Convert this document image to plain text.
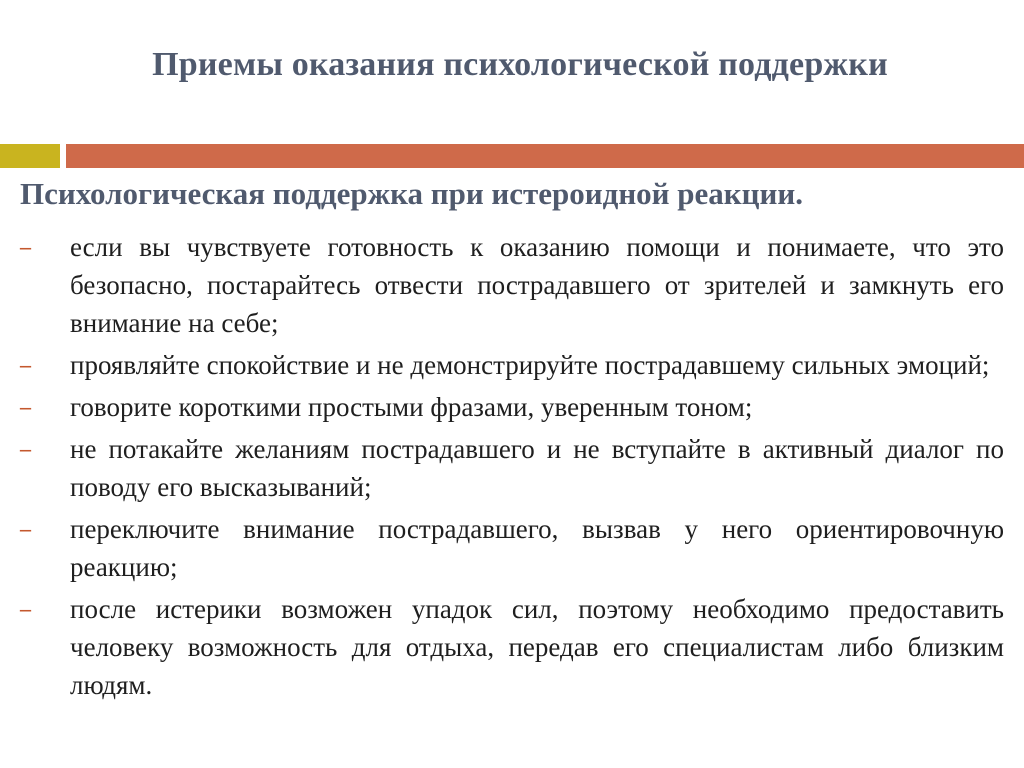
Приемы оказания психологической поддержки
Психологическая поддержка при истероидной реакции.
– если вы чувствуете готовность к оказанию помощи и понимаете, что это безопасно, постарайтесь отвести пострадавшего от зрителей и замкнуть его внимание на себе;
– проявляйте спокойствие и не демонстрируйте пострадавшему сильных эмоций;
– говорите короткими простыми фразами, уверенным тоном;
– не потакайте желаниям пострадавшего и не вступайте в активный диалог по поводу его высказываний;
– переключите внимание пострадавшего, вызвав у него ориентировочную реакцию;
– после истерики возможен упадок сил, поэтому необходимо предоставить человеку возможность для отдыха, передав его специалистам либо близким людям.
